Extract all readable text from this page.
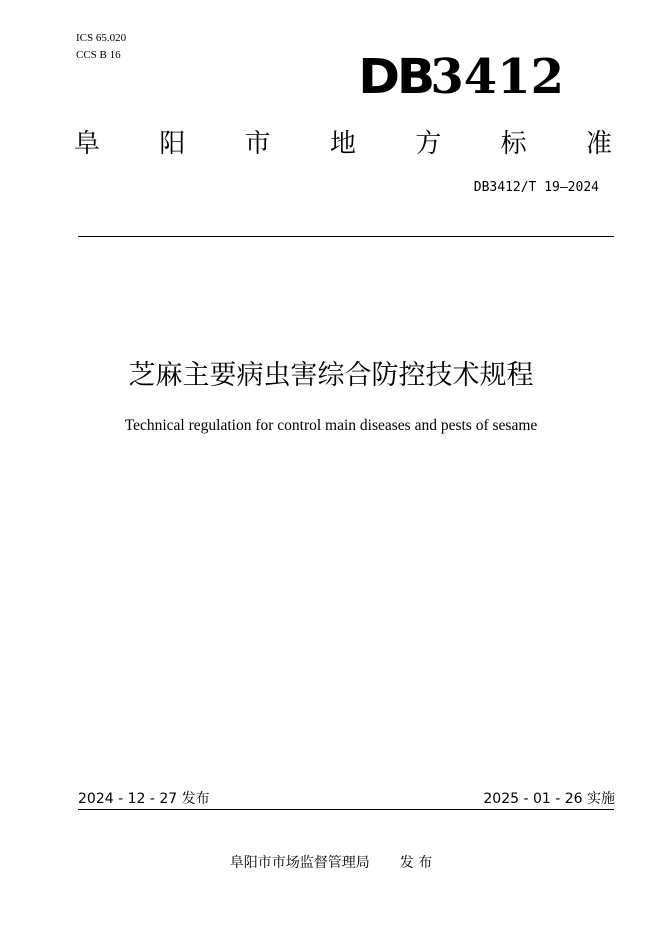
ICS 65.020
CCS B 16	DB3412
阜 阳 市 地 方 标 准
DB3412/T 19—2024
芝麻主要病虫害综合防控技术规程
Technical regulation for control main diseases and pests of sesame
2024 - 12 - 27 发布	2025 - 01 - 26 实施
阜阳市市场监督管理局 发 布
